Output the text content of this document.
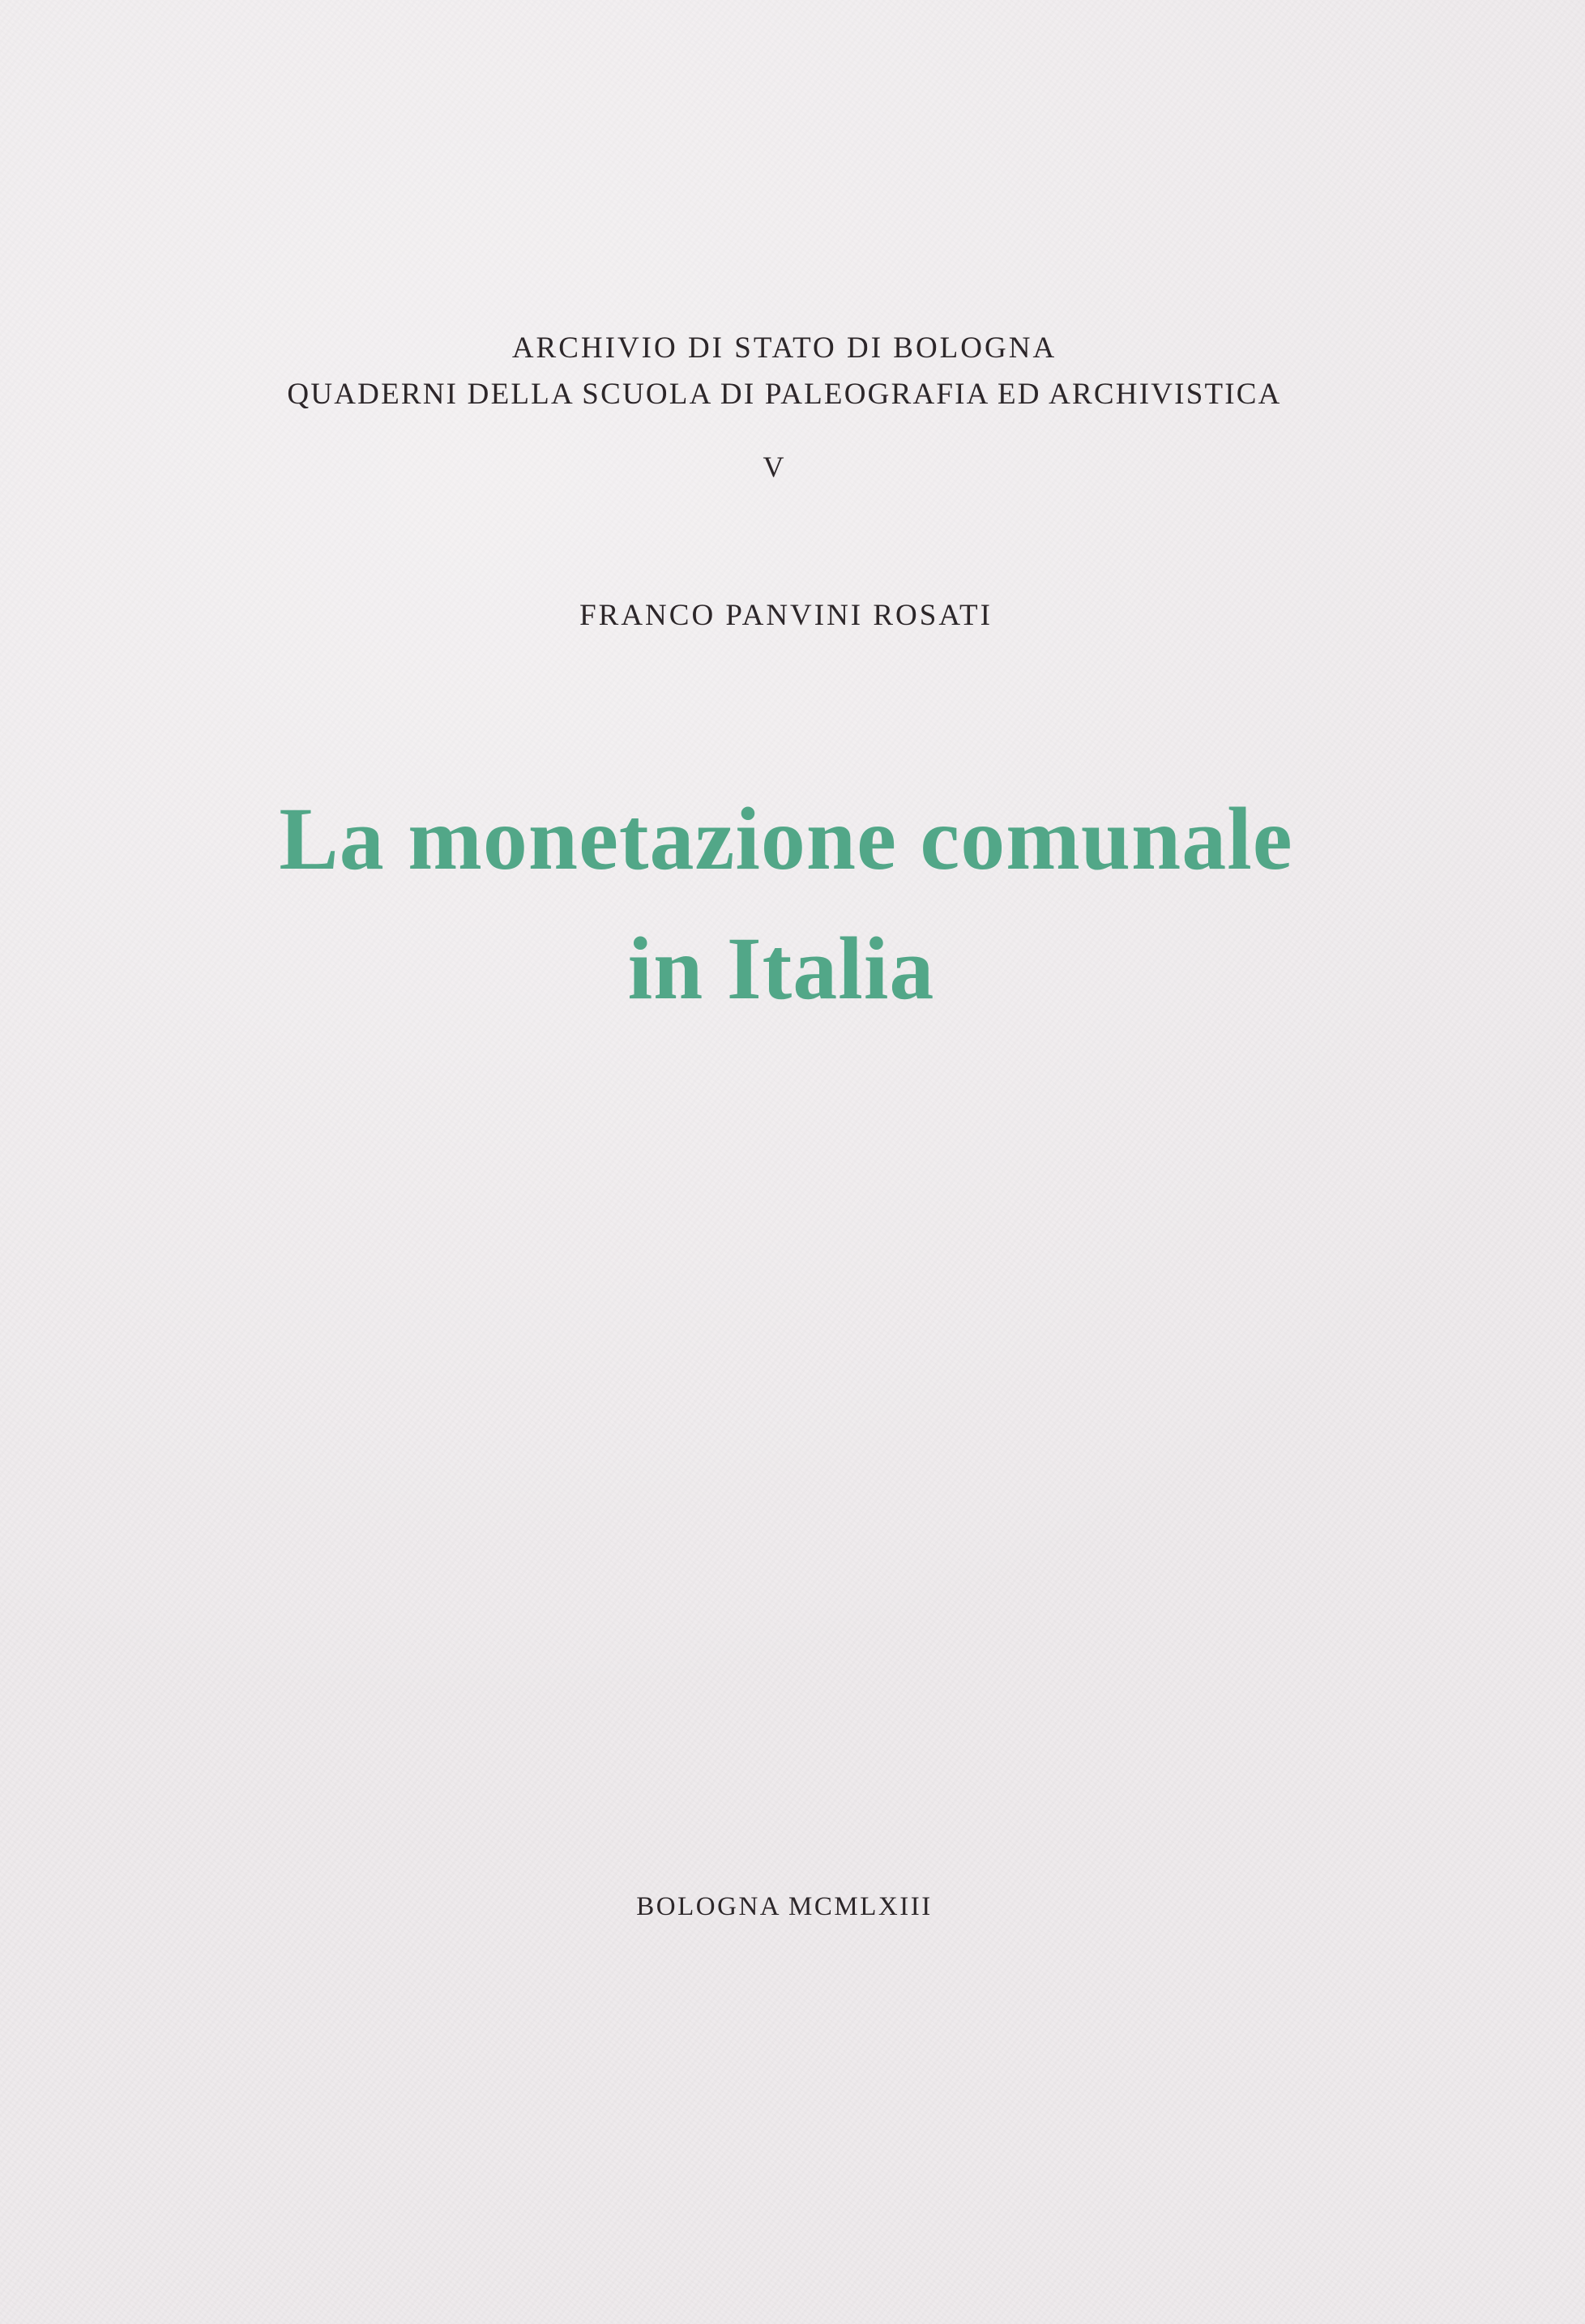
ARCHIVIO DI STATO DI BOLOGNA

QUADERNI DELLA SCUOLA DI PALEOGRAFIA ED ARCHIVISTICA

V

FRANCO PANVINI ROSATI

La monetazione comunale
in Italia

BOLOGNA MCMLXIII
